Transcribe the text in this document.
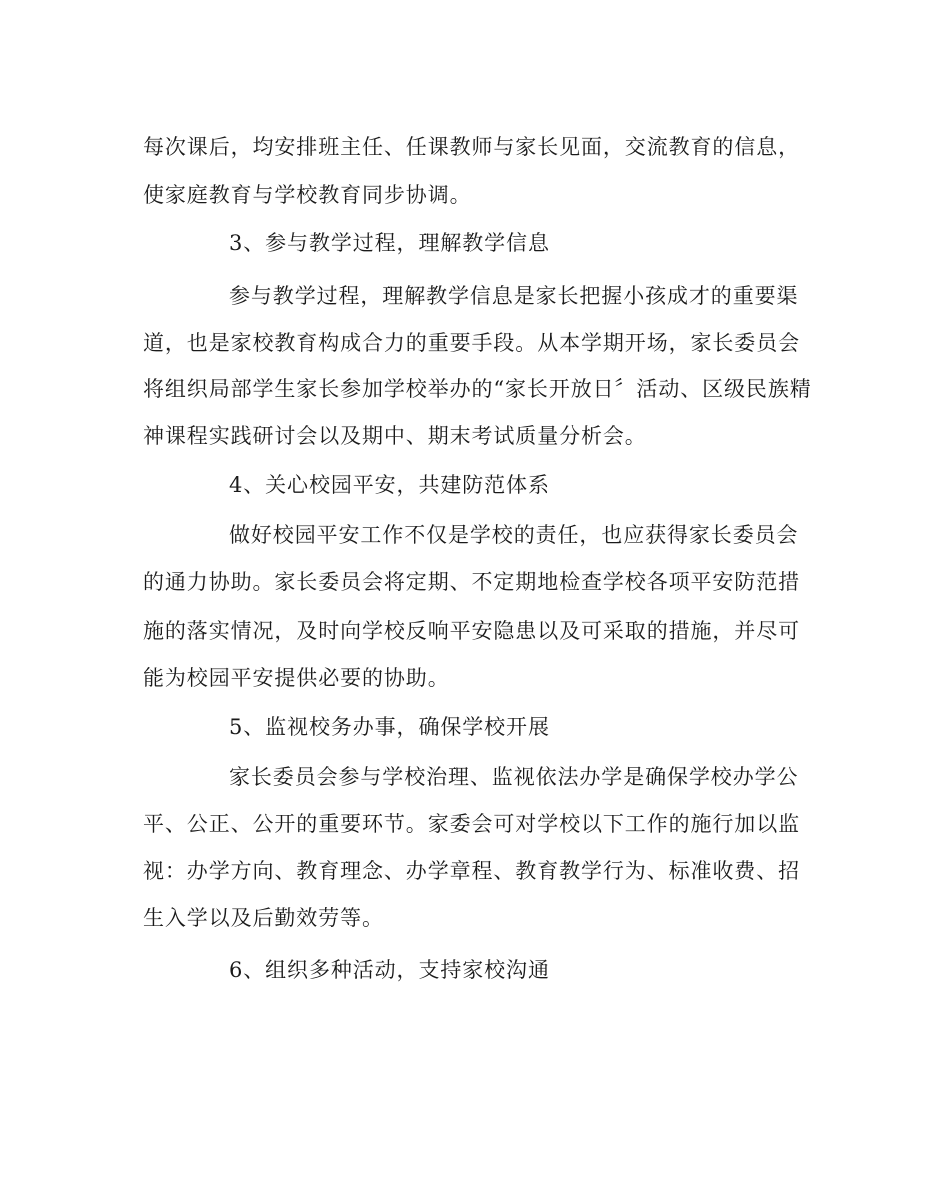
每次课后，均安排班主任、任课教师与家长见面，交流教育的信息，
使家庭教育与学校教育同步协调。
3、参与教学过程，理解教学信息
参与教学过程，理解教学信息是家长把握小孩成才的重要渠
道，也是家校教育构成合力的重要手段。从本学期开场，家长委员会
将组织局部学生家长参加学校举办的“家长开放日〞活动、区级民族精
神课程实践研讨会以及期中、期末考试质量分析会。
4、关心校园平安，共建防范体系
做好校园平安工作不仅是学校的责任，也应获得家长委员会
的通力协助。家长委员会将定期、不定期地检查学校各项平安防范措
施的落实情况，及时向学校反响平安隐患以及可采取的措施，并尽可
能为校园平安提供必要的协助。
5、监视校务办事，确保学校开展
家长委员会参与学校治理、监视依法办学是确保学校办学公
平、公正、公开的重要环节。家委会可对学校以下工作的施行加以监
视：办学方向、教育理念、办学章程、教育教学行为、标准收费、招
生入学以及后勤效劳等。
6、组织多种活动，支持家校沟通
